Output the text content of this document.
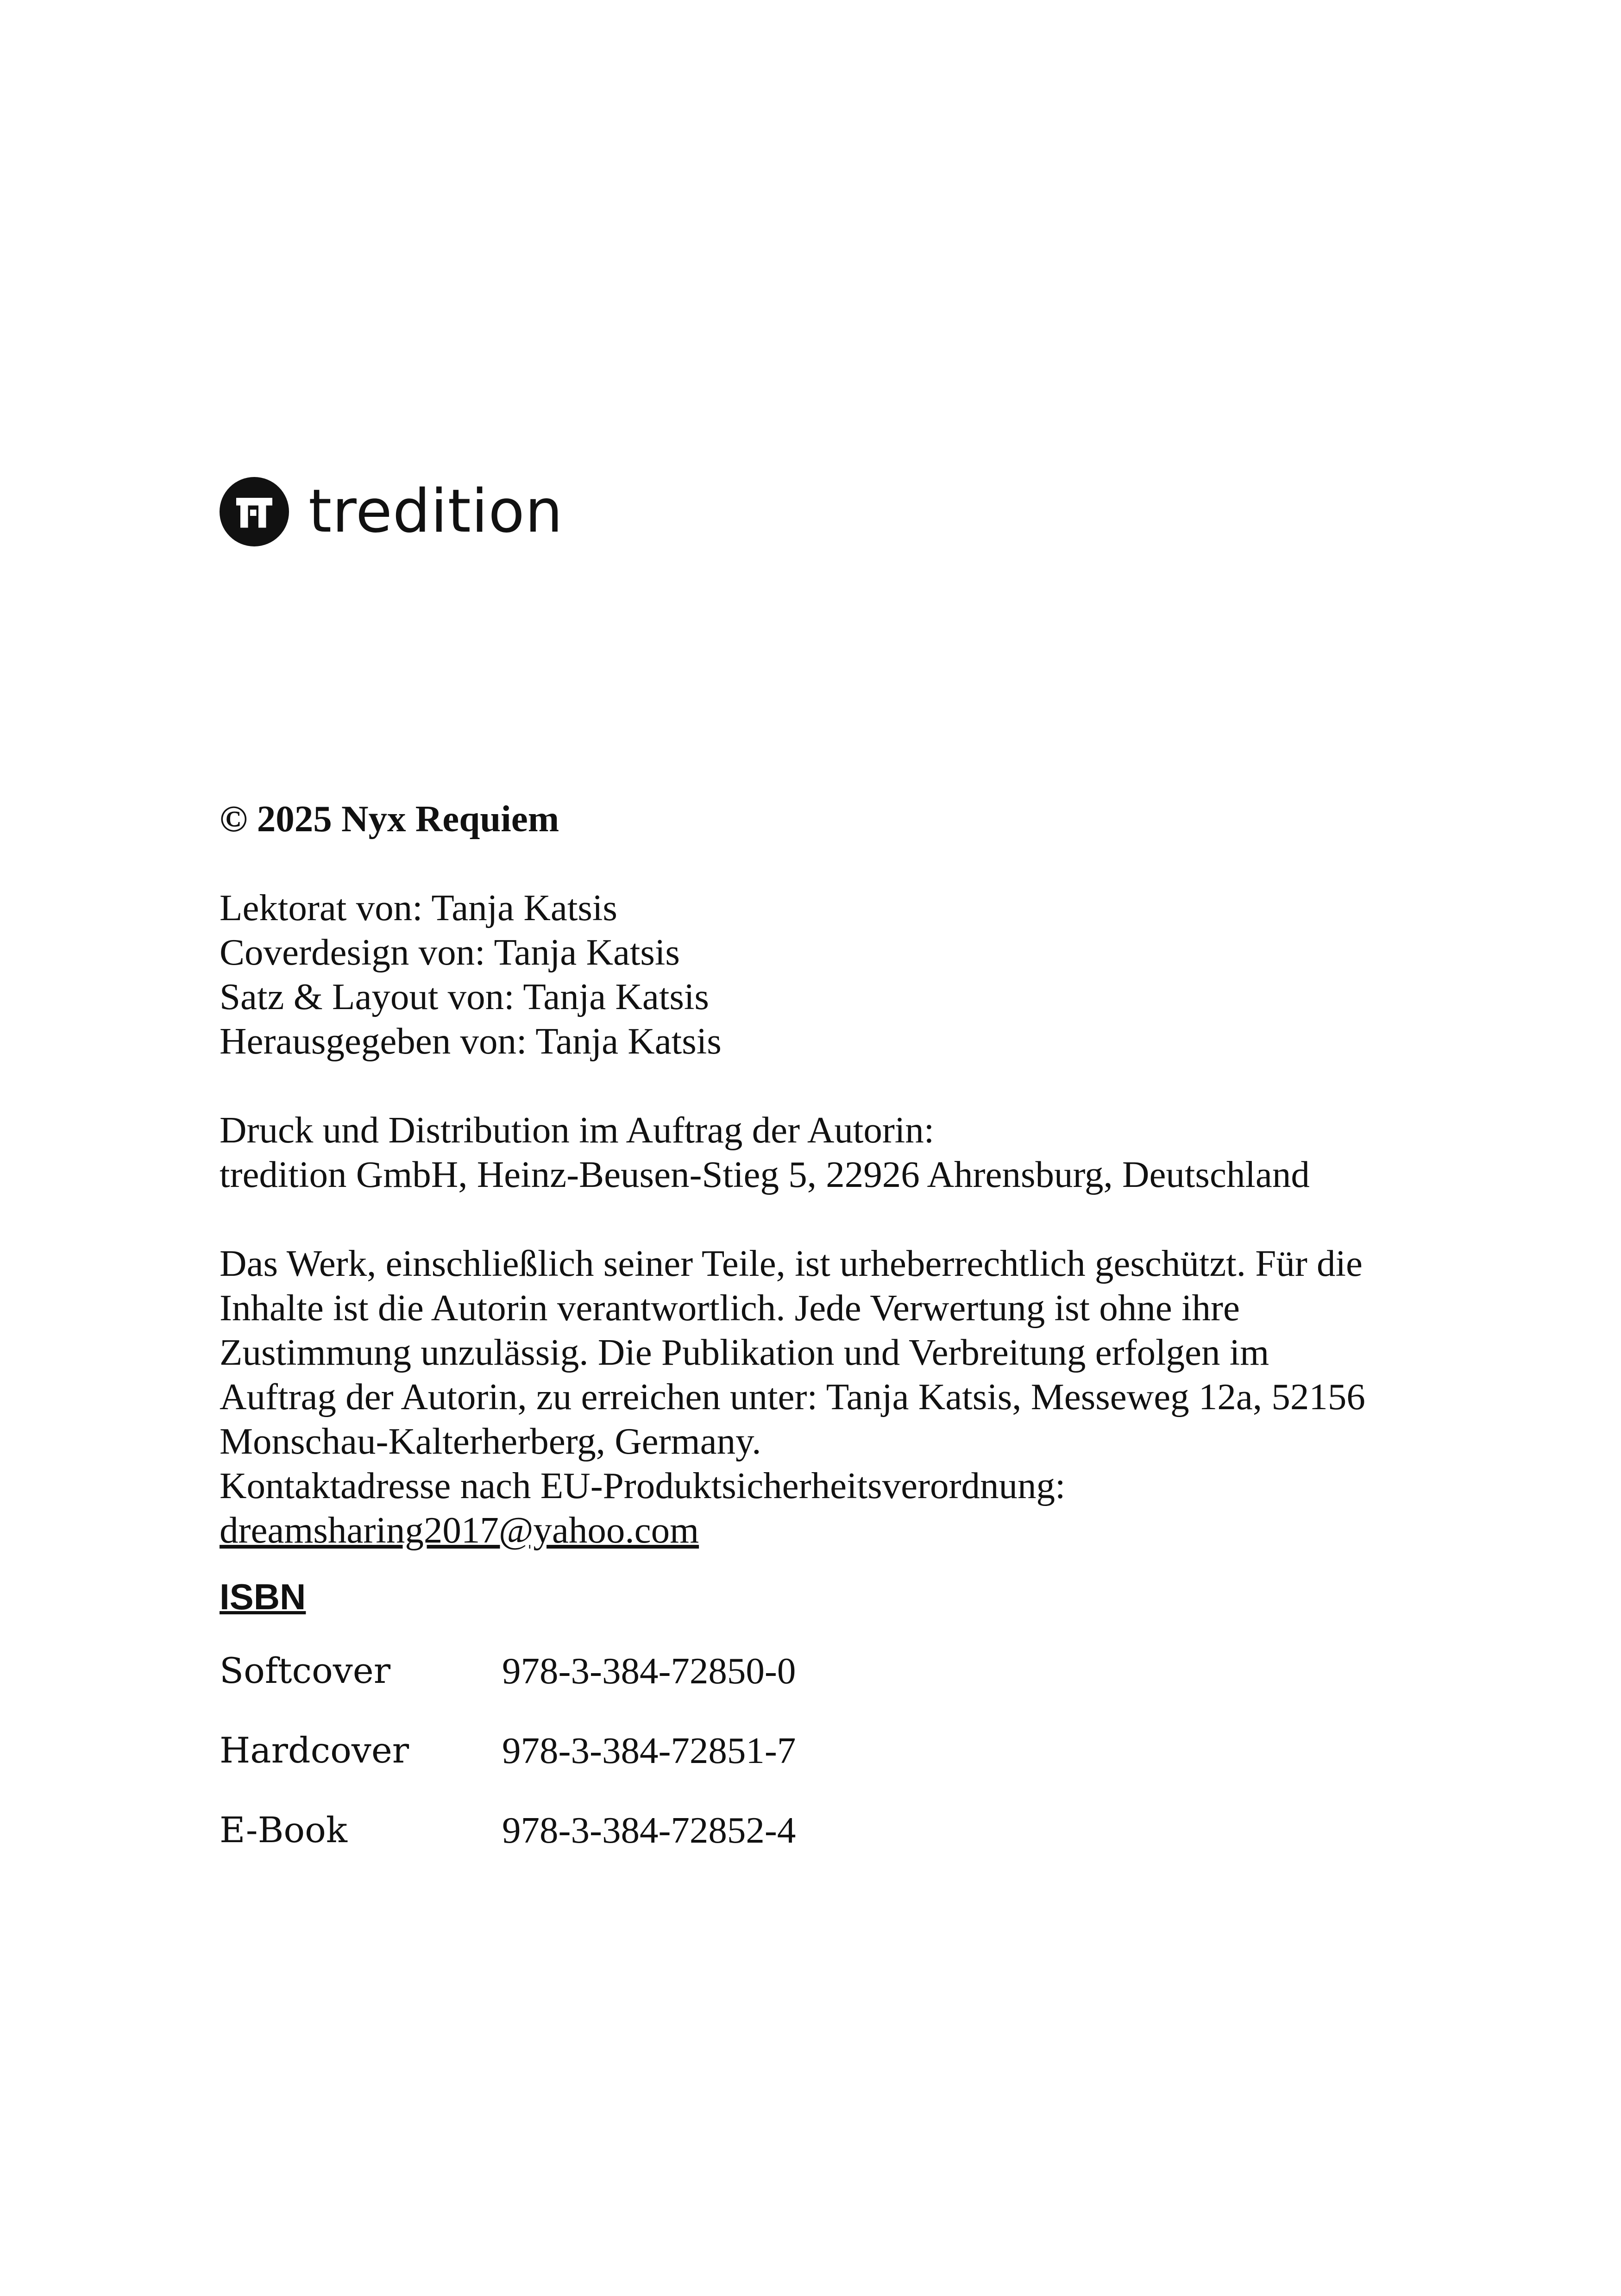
tredition
© 2025 Nyx Requiem
Lektorat von: Tanja Katsis
Coverdesign von: Tanja Katsis
Satz & Layout von: Tanja Katsis
Herausgegeben von: Tanja Katsis
Druck und Distribution im Auftrag der Autorin:
tredition GmbH, Heinz-Beusen-Stieg 5, 22926 Ahrensburg, Deutschland
Das Werk, einschließlich seiner Teile, ist urheberrechtlich geschützt. Für die
Inhalte ist die Autorin verantwortlich. Jede Verwertung ist ohne ihre
Zustimmung unzulässig. Die Publikation und Verbreitung erfolgen im
Auftrag der Autorin, zu erreichen unter: Tanja Katsis, Messeweg 12a, 52156
Monschau-Kalterherberg, Germany.
Kontaktadresse nach EU-Produktsicherheitsverordnung:
dreamsharing2017@yahoo.com
ISBN
Softcover	978-3-384-72850-0
Hardcover 978-3-384-72851-7
E-Book	978-3-384-72852-4
